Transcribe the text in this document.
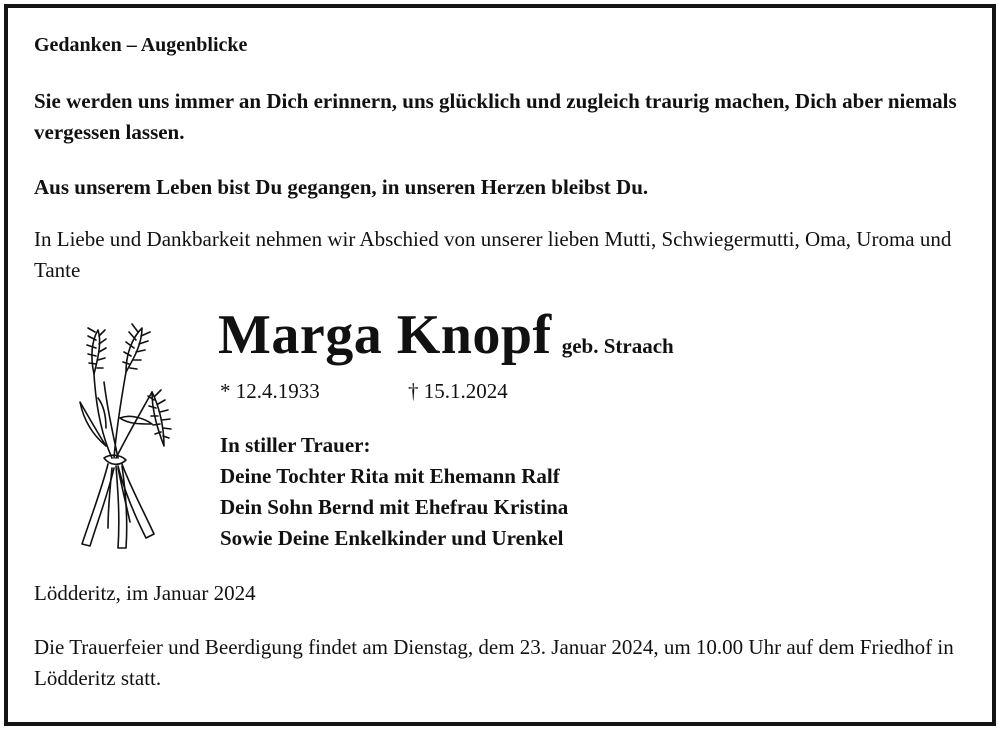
Gedanken – Augenblicke
Sie werden uns immer an Dich erinnern, uns glücklich und zugleich traurig machen, Dich aber niemals vergessen lassen.
Aus unserem Leben bist Du gegangen, in unseren Herzen bleibst Du.
In Liebe und Dankbarkeit nehmen wir Abschied von unserer lieben Mutti, Schwiegermutti, Oma, Uroma und Tante
Marga Knopf geb. Straach
* 12.4.1933	† 15.1.2024
In stiller Trauer:
Deine Tochter Rita mit Ehemann Ralf
Dein Sohn Bernd mit Ehefrau Kristina
Sowie Deine Enkelkinder und Urenkel
Lödderitz, im Januar 2024
Die Trauerfeier und Beerdigung findet am Dienstag, dem 23. Januar 2024, um 10.00 Uhr auf dem Friedhof in Lödderitz statt.
